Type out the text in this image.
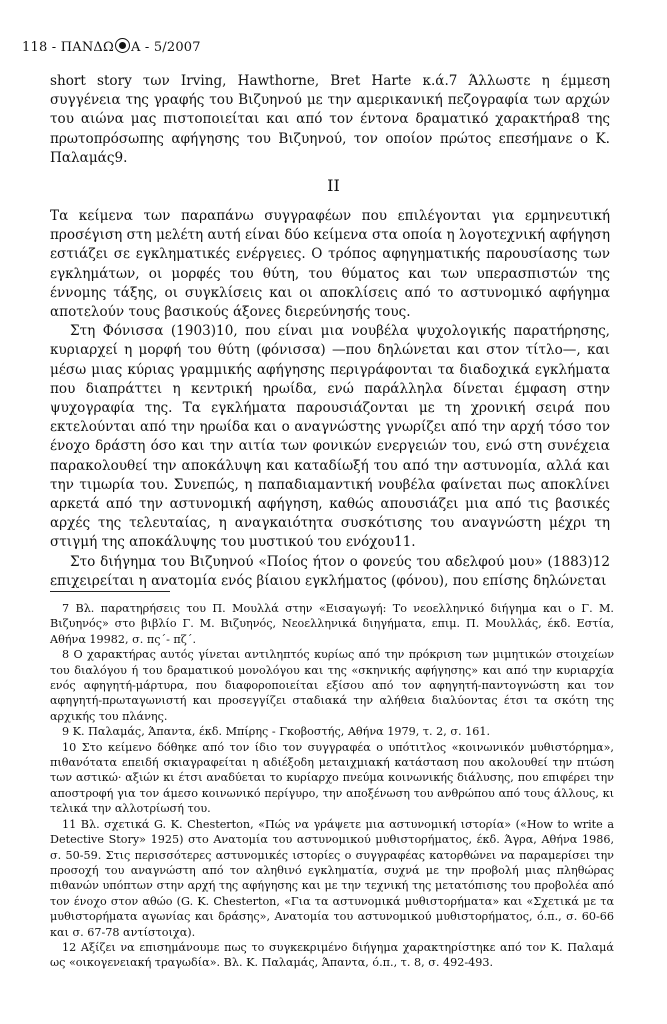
118 - ΠΑΝΔΩ Α - 5/2007

short story των Irving, Hawthorne, Bret Harte κ.ά.7 Άλλωστε η έμμεση συγγένεια της γραφής του Βιζυηνού με την αμερικανική πεζογραφία των αρχών του αιώνα μας πιστοποιείται και από τον έντονα δραματικό χαρακτήρα8 της πρωτοπρόσωπης αφήγησης του Βιζυηνού, τον οποίον πρώτος επεσήμανε ο Κ. Παλαμάς9.

II

Τα κείμενα των παραπάνω συγγραφέων που επιλέγονται για ερμηνευτική προσέγιση στη μελέτη αυτή είναι δύο κείμενα στα οποία η λογοτεχνική αφήγηση εστιάζει σε εγκληματικές ενέργειες. Ο τρόπος αφηγηματικής παρουσίασης των εγκλημάτων, οι μορφές του θύτη, του θύματος και των υπερασπιστών της έννομης τάξης, οι συγκλίσεις και οι αποκλίσεις από το αστυνομικό αφήγημα αποτελούν τους βασικούς άξονες διερεύνησής τους.

Στη Φόνισσα (1903)10, που είναι μια νουβέλα ψυχολογικής παρατήρησης, κυριαρχεί η μορφή του θύτη (φόνισσα) —που δηλώνεται και στον τίτλο—, και μέσω μιας κύριας γραμμικής αφήγησης περιγράφονται τα διαδοχικά εγκλήματα που διαπράττει η κεντρική ηρωίδα, ενώ παράλληλα δίνεται έμφαση στην ψυχογραφία της. Τα εγκλήματα παρουσιάζονται με τη χρονική σειρά που εκτελούνται από την ηρωίδα και ο αναγνώστης γνωρίζει από την αρχή τόσο τον ένοχο δράστη όσο και την αιτία των φονικών ενεργειών του, ενώ στη συνέχεια παρακολουθεί την αποκάλυψη και καταδίωξή του από την αστυνομία, αλλά και την τιμωρία του. Συνεπώς, η παπαδιαμαντική νουβέλα φαίνεται πως αποκλίνει αρκετά από την αστυνομική αφήγηση, καθώς απουσιάζει μια από τις βασικές αρχές της τελευταίας, η αναγκαιότητα συσκότισης του αναγνώστη μέχρι τη στιγμή της αποκάλυψης του μυστικού του ενόχου11.

Στο διήγημα του Βιζυηνού «Ποίος ήτον ο φονεύς του αδελφού μου» (1883)12 επιχειρείται η ανατομία ενός βίαιου εγκλήματος (φόνου), που επίσης δηλώνεται

7 Βλ. παρατηρήσεις του Π. Μουλλά στην «Εισαγωγή: Το νεοελληνικό διήγημα και ο Γ. Μ. Βιζυηνός» στο βιβλίο Γ. Μ. Βιζυηνός, Νεοελληνικά διηγήματα, επιμ. Π. Μουλλάς, έκδ. Εστία, Αθήνα 19982, σ. πς΄- πζ΄.

8 Ο χαρακτήρας αυτός γίνεται αντιληπτός κυρίως από την πρόκριση των μιμητικών στοιχείων του διαλόγου ή του δραματικού μονολόγου και της «σκηνικής αφήγησης» και από την κυριαρχία ενός αφηγητή-μάρτυρα, που διαφοροποιείται εξίσου από τον αφηγητή-παντογνώστη και τον αφηγητή-πρωταγωνιστή και προσεγγίζει σταδιακά την αλήθεια διαλύοντας έτσι τα σκότη της αρχικής του πλάνης.

9 Κ. Παλαμάς, Άπαντα, έκδ. Μπίρης - Γκοβοστής, Αθήνα 1979, τ. 2, σ. 161.

10 Στο κείμενο δόθηκε από τον ίδιο τον συγγραφέα ο υπότιτλος «κοινωνικόν μυθιστόρημα», πιθανότατα επειδή σκιαγραφείται η αδιέξοδη μεταιχμιακή κατάσταση που ακολουθεί την πτώση των αστικώ· αξιών κι έτσι αναδύεται το κυρίαρχο πνεύμα κοινωνικής διάλυσης, που επιφέρει την αποστροφή για τον άμεσο κοινωνικό περίγυρο, την αποξένωση του ανθρώπου από τους άλλους, κι τελικά την αλλοτρίωσή του.

11 Βλ. σχετικά G. K. Chesterton, «Πώς να γράψετε μια αστυνομική ιστορία» («How to write a Detective Story» 1925) στο Ανατομία του αστυνομικού μυθιστορήματος, έκδ. Άγρα, Αθήνα 1986, σ. 50-59. Στις περισσότερες αστυνομικές ιστορίες ο συγγραφέας κατορθώνει να παραμερίσει την προσοχή του αναγνώστη από τον αληθινό εγκληματία, συχνά με την προβολή μιας πληθώρας πιθανών υπόπτων στην αρχή της αφήγησης και με την τεχνική της μετατόπισης του προβολέα από τον ένοχο στον αθώο (G. K. Chesterton, «Για τα αστυνομικά μυθιστορήματα» και «Σχετικά με τα μυθιστορήματα αγωνίας και δράσης», Ανατομία του αστυνομικού μυθιστορήματος, ό.π., σ. 60-66 και σ. 67-78 αντίστοιχα).

12 Αξίζει να επισημάνουμε πως το συγκεκριμένο διήγημα χαρακτηρίστηκε από τον Κ. Παλαμά ως «οικογενειακή τραγωδία». Βλ. Κ. Παλαμάς, Άπαντα, ό.π., τ. 8, σ. 492-493.
